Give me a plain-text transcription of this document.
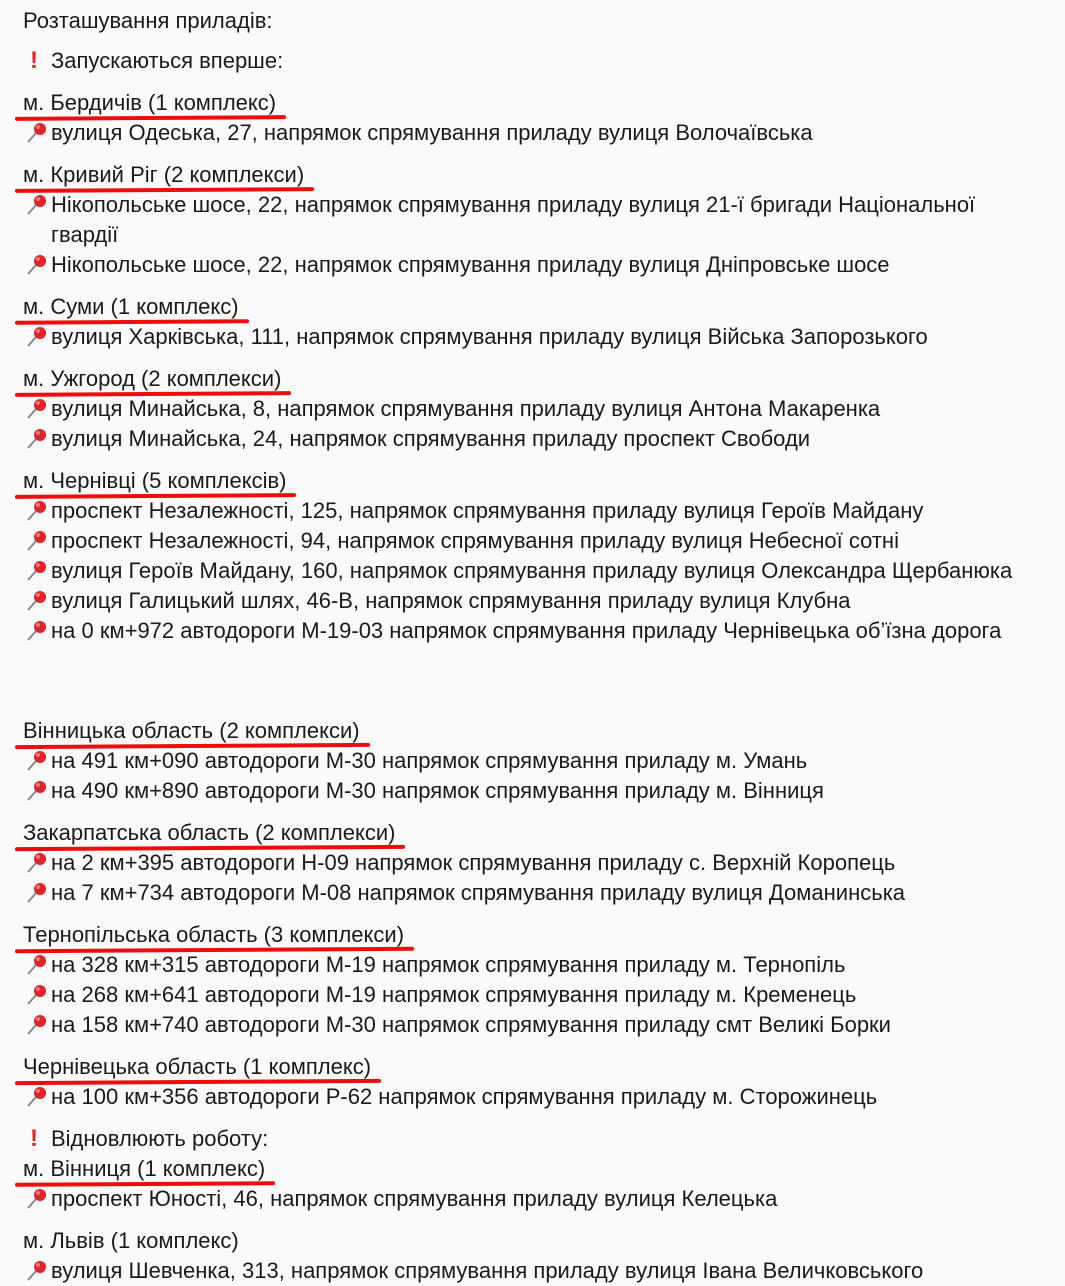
Розташування приладів:
! Запускаються вперше:
м. Бердичів (1 комплекс)
вулиця Одеська, 27, напрямок спрямування приладу вулиця Волочаївська
м. Кривий Ріг (2 комплекси)
Нікопольське шосе, 22, напрямок спрямування приладу вулиця 21-ї бригади Національної гвардії
Нікопольське шосе, 22, напрямок спрямування приладу вулиця Дніпровське шосе
м. Суми (1 комплекс)
вулиця Харківська, 111, напрямок спрямування приладу вулиця Війська Запорозького
м. Ужгород (2 комплекси)
вулиця Минайська, 8, напрямок спрямування приладу вулиця Антона Макаренка
вулиця Минайська, 24, напрямок спрямування приладу проспект Свободи
м. Чернівці (5 комплексів)
проспект Незалежності, 125, напрямок спрямування приладу вулиця Героїв Майдану
проспект Незалежності, 94, напрямок спрямування приладу вулиця Небесної сотні
вулиця Героїв Майдану, 160, напрямок спрямування приладу вулиця Олександра Щербанюка
вулиця Галицький шлях, 46-В, напрямок спрямування приладу вулиця Клубна
на 0 км+972 автодороги М-19-03 напрямок спрямування приладу Чернівецька об’їзна дорога
Вінницька область (2 комплекси)
на 491 км+090 автодороги М-30 напрямок спрямування приладу м. Умань
на 490 км+890 автодороги М-30 напрямок спрямування приладу м. Вінниця
Закарпатська область (2 комплекси)
на 2 км+395 автодороги Н-09 напрямок спрямування приладу с. Верхній Коропець
на 7 км+734 автодороги М-08 напрямок спрямування приладу вулиця Доманинська
Тернопільська область (3 комплекси)
на 328 км+315 автодороги М-19 напрямок спрямування приладу м. Тернопіль
на 268 км+641 автодороги М-19 напрямок спрямування приладу м. Кременець
на 158 км+740 автодороги М-30 напрямок спрямування приладу смт Великі Борки
Чернівецька область (1 комплекс)
на 100 км+356 автодороги Р-62 напрямок спрямування приладу м. Сторожинець
! Відновлюють роботу:
м. Вінниця (1 комплекс)
проспект Юності, 46, напрямок спрямування приладу вулиця Келецька
м. Львів (1 комплекс)
вулиця Шевченка, 313, напрямок спрямування приладу вулиця Івана Величковського
